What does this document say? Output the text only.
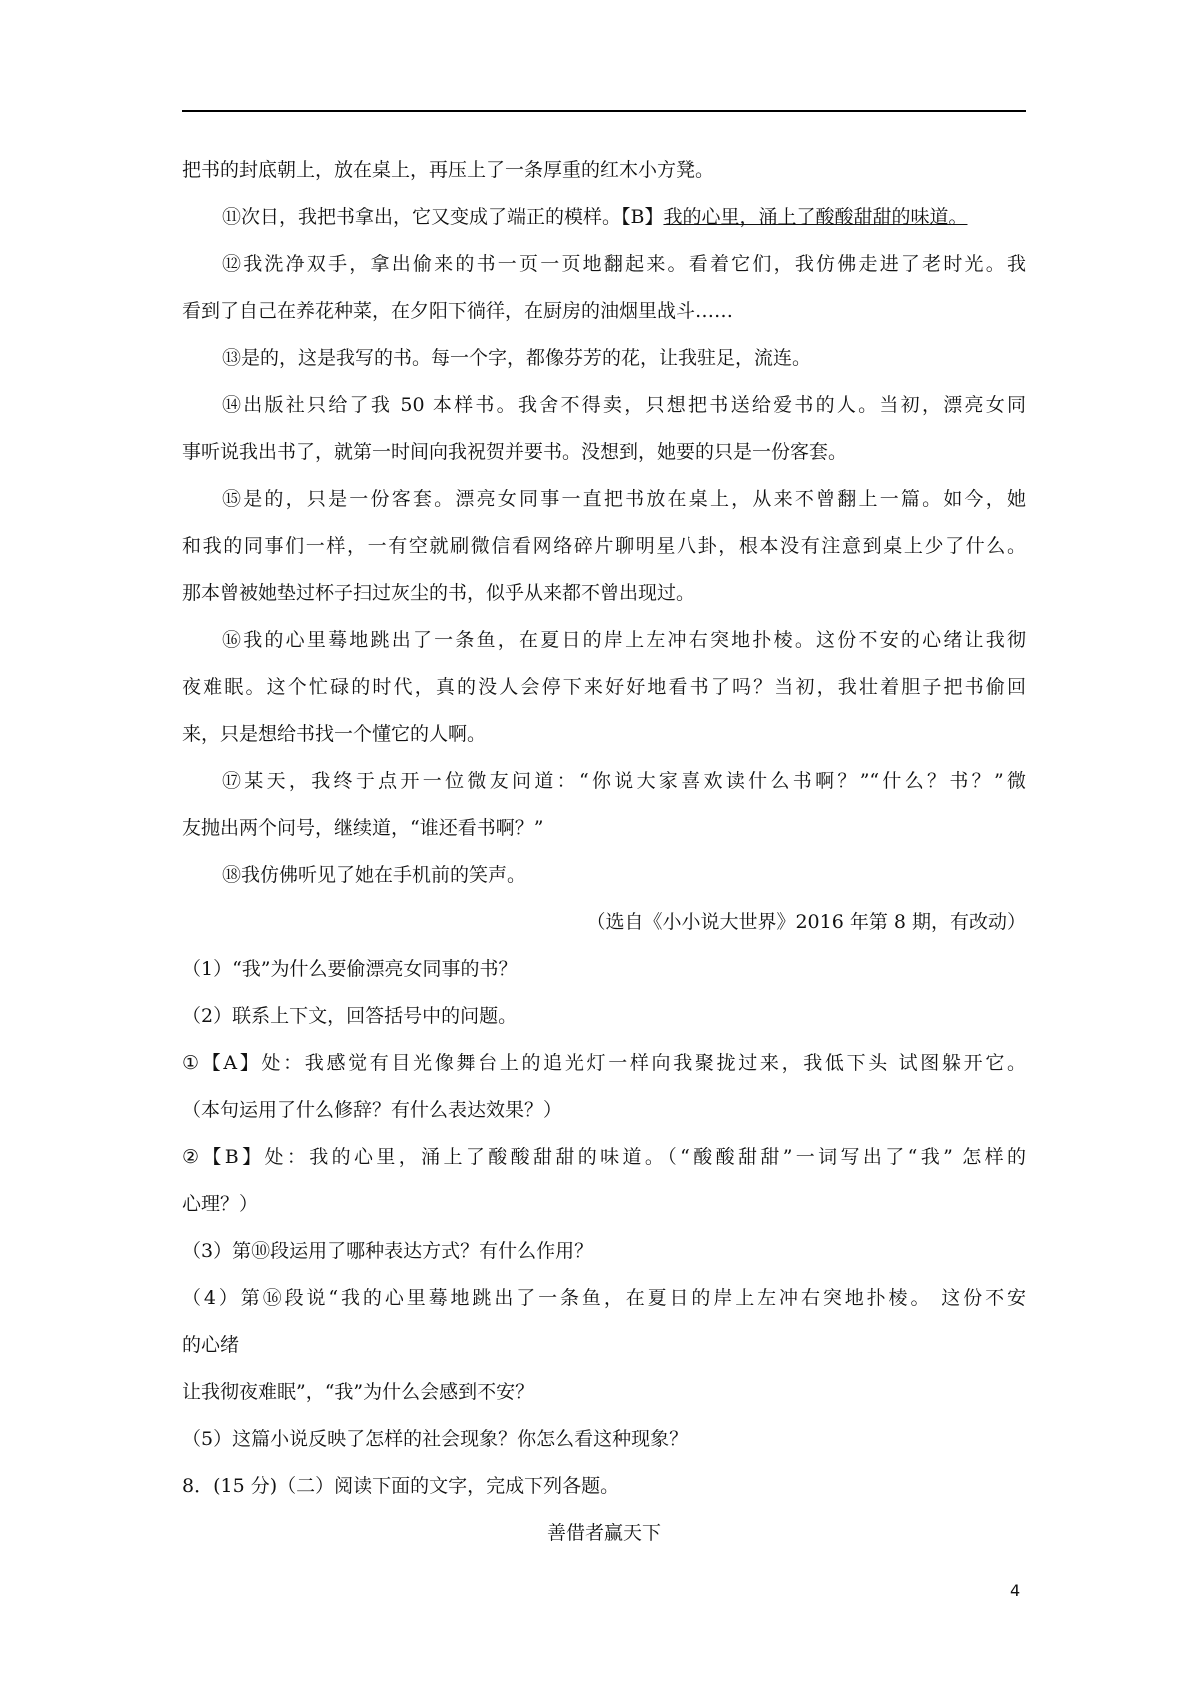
把书的封底朝上，放在桌上，再压上了一条厚重的红木小方凳。
⑪次日，我把书拿出，它又变成了端正的模样。【B】我的心里，涌上了酸酸甜甜的味道。
⑫我洗净双手，拿出偷来的书一页一页地翻起来。看着它们，我仿佛走进了老时光。我
看到了自己在养花种菜，在夕阳下徜徉，在厨房的油烟里战斗……
⑬是的，这是我写的书。每一个字，都像芬芳的花，让我驻足，流连。
⑭出版社只给了我 50 本样书。我舍不得卖，只想把书送给爱书的人。当初，漂亮女同
事听说我出书了，就第一时间向我祝贺并要书。没想到，她要的只是一份客套。
⑮是的，只是一份客套。漂亮女同事一直把书放在桌上，从来不曾翻上一篇。如今，她
和我的同事们一样，一有空就刷微信看网络碎片聊明星八卦，根本没有注意到桌上少了什么。
那本曾被她垫过杯子扫过灰尘的书，似乎从来都不曾出现过。
⑯我的心里蓦地跳出了一条鱼，在夏日的岸上左冲右突地扑棱。这份不安的心绪让我彻
夜难眠。这个忙碌的时代，真的没人会停下来好好地看书了吗？当初，我壮着胆子把书偷回
来，只是想给书找一个懂它的人啊。
⑰某天，我终于点开一位微友问道：“你说大家喜欢读什么书啊？”“什么？书？”微
友抛出两个问号，继续道，“谁还看书啊？”
⑱我仿佛听见了她在手机前的笑声。
（选自《小小说大世界》2016 年第 8 期，有改动）
（1）“我”为什么要偷漂亮女同事的书？
（2）联系上下文，回答括号中的问题。
①【A】处：我感觉有目光像舞台上的追光灯一样向我聚拢过来，我低下头 试图躲开它。
（本句运用了什么修辞？有什么表达效果？）
②【B】处：我的心里，涌上了酸酸甜甜的味道。（“酸酸甜甜”一词写出了“我” 怎样的
心理？）
（3）第⑩段运用了哪种表达方式？有什么作用？
（4）第⑯段说“我的心里蓦地跳出了一条鱼，在夏日的岸上左冲右突地扑棱。 这份不安
的心绪
让我彻夜难眠”，“我”为什么会感到不安？
（5）这篇小说反映了怎样的社会现象？你怎么看这种现象？
8．(15 分)（二）阅读下面的文字，完成下列各题。
善借者赢天下
4
